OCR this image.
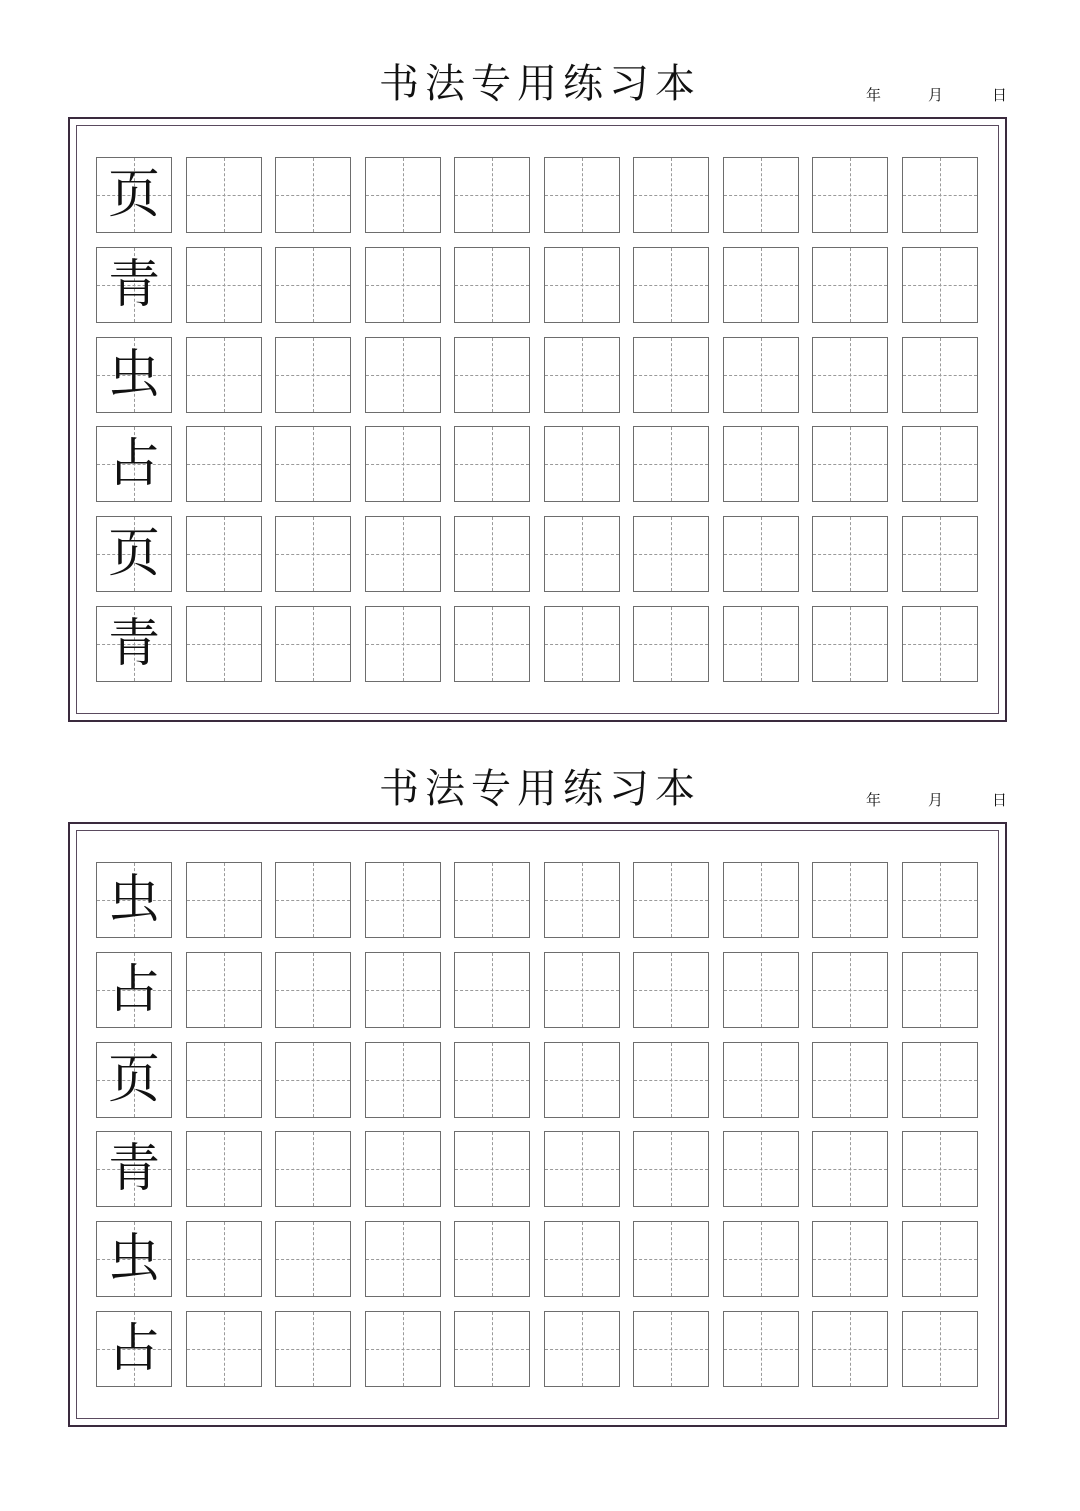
书法专用练习本	年	月	日
页
青
虫
占
页
青
书法专用练习本	年	月	日
虫
占
页
青
虫
占
